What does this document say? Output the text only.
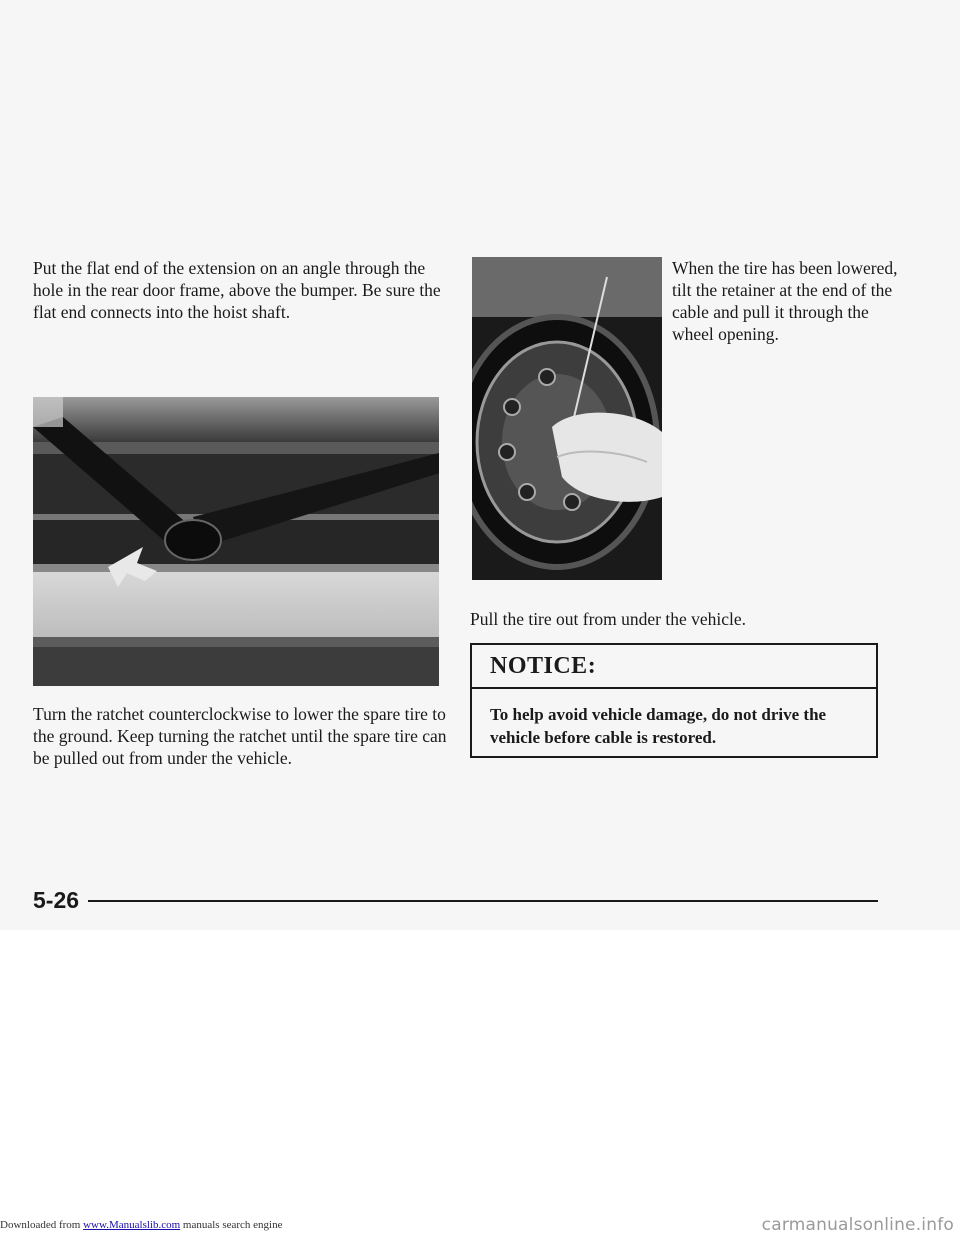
Put the flat end of the extension on an angle through the hole in the rear door frame, above the bumper. Be sure the flat end connects into the hoist shaft.

Turn the ratchet counterclockwise to lower the spare tire to the ground. Keep turning the ratchet until the spare tire can be pulled out from under the vehicle.

When the tire has been lowered, tilt the retainer at the end of the cable and pull it through the wheel opening.

Pull the tire out from under the vehicle.

NOTICE:
To help avoid vehicle damage, do not drive the vehicle before cable is restored.
5-26
Downloaded from www.Manualslib.com manuals search engine	carmanualsonline.info
